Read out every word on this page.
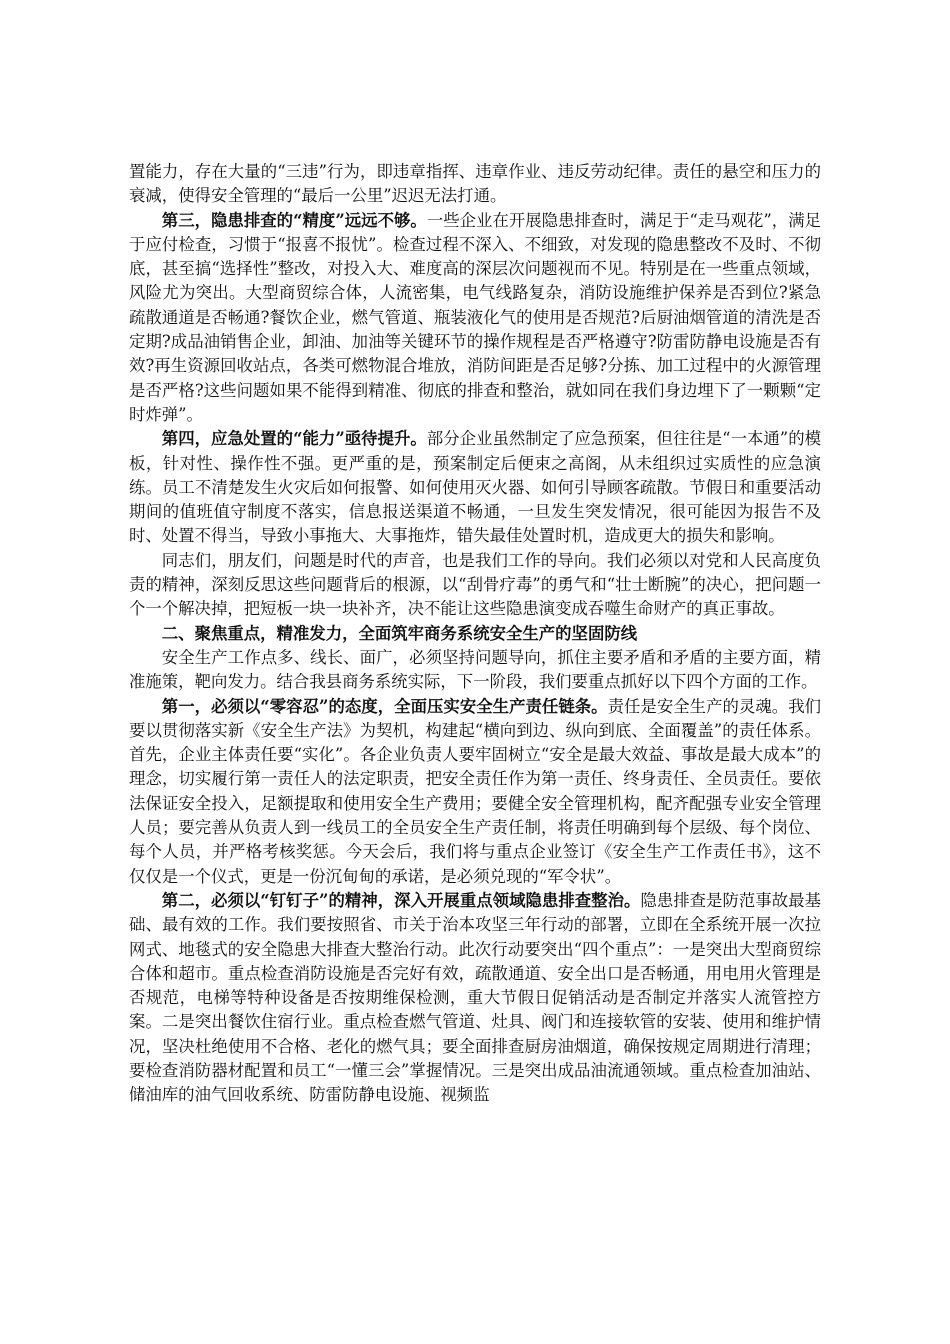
置能力，存在大量的“三违”行为，即违章指挥、违章作业、违反劳动纪律。责任的悬空和压力的衰减，使得安全管理的“最后一公里”迟迟无法打通。

第三，隐患排查的“精度”远远不够。一些企业在开展隐患排查时，满足于“走马观花”，满足于应付检查，习惯于“报喜不报忧”。检查过程不深入、不细致，对发现的隐患整改不及时、不彻底，甚至搞“选择性”整改，对投入大、难度高的深层次问题视而不见。特别是在一些重点领域，风险尤为突出。大型商贸综合体，人流密集，电气线路复杂，消防设施维护保养是否到位?紧急疏散通道是否畅通?餐饮企业，燃气管道、瓶装液化气的使用是否规范?后厨油烟管道的清洗是否定期?成品油销售企业，卸油、加油等关键环节的操作规程是否严格遵守?防雷防静电设施是否有效?再生资源回收站点，各类可燃物混合堆放，消防间距是否足够?分拣、加工过程中的火源管理是否严格?这些问题如果不能得到精准、彻底的排查和整治，就如同在我们身边埋下了一颗颗“定时炸弹”。

第四，应急处置的“能力”亟待提升。部分企业虽然制定了应急预案，但往往是“一本通”的模板，针对性、操作性不强。更严重的是，预案制定后便束之高阁，从未组织过实质性的应急演练。员工不清楚发生火灾后如何报警、如何使用灭火器、如何引导顾客疏散。节假日和重要活动期间的值班值守制度不落实，信息报送渠道不畅通，一旦发生突发情况，很可能因为报告不及时、处置不得当，导致小事拖大、大事拖炸，错失最佳处置时机，造成更大的损失和影响。

同志们，朋友们，问题是时代的声音，也是我们工作的导向。我们必须以对党和人民高度负责的精神，深刻反思这些问题背后的根源，以“刮骨疗毒”的勇气和“壮士断腕”的决心，把问题一个一个解决掉，把短板一块一块补齐，决不能让这些隐患演变成吞噬生命财产的真正事故。

二、聚焦重点，精准发力，全面筑牢商务系统安全生产的坚固防线

安全生产工作点多、线长、面广，必须坚持问题导向，抓住主要矛盾和矛盾的主要方面，精准施策，靶向发力。结合我县商务系统实际，下一阶段，我们要重点抓好以下四个方面的工作。

第一，必须以“零容忍”的态度，全面压实安全生产责任链条。责任是安全生产的灵魂。我们要以贯彻落实新《安全生产法》为契机，构建起“横向到边、纵向到底、全面覆盖”的责任体系。首先，企业主体责任要“实化”。各企业负责人要牢固树立“安全是最大效益、事故是最大成本”的理念，切实履行第一责任人的法定职责，把安全责任作为第一责任、终身责任、全员责任。要依法保证安全投入，足额提取和使用安全生产费用；要健全安全管理机构，配齐配强专业安全管理人员；要完善从负责人到一线员工的全员安全生产责任制，将责任明确到每个层级、每个岗位、每个人员，并严格考核奖惩。今天会后，我们将与重点企业签订《安全生产工作责任书》，这不仅仅是一个仪式，更是一份沉甸甸的承诺，是必须兑现的“军令状”。

第二，必须以“钉钉子”的精神，深入开展重点领域隐患排查整治。隐患排查是防范事故最基础、最有效的工作。我们要按照省、市关于治本攻坚三年行动的部署，立即在全系统开展一次拉网式、地毯式的安全隐患大排查大整治行动。此次行动要突出“四个重点”：一是突出大型商贸综合体和超市。重点检查消防设施是否完好有效，疏散通道、安全出口是否畅通，用电用火管理是否规范，电梯等特种设备是否按期维保检测，重大节假日促销活动是否制定并落实人流管控方案。二是突出餐饮住宿行业。重点检查燃气管道、灶具、阀门和连接软管的安装、使用和维护情况，坚决杜绝使用不合格、老化的燃气具；要全面排查厨房油烟道，确保按规定周期进行清理；要检查消防器材配置和员工“一懂三会”掌握情况。三是突出成品油流通领域。重点检查加油站、储油库的油气回收系统、防雷防静电设施、视频监
